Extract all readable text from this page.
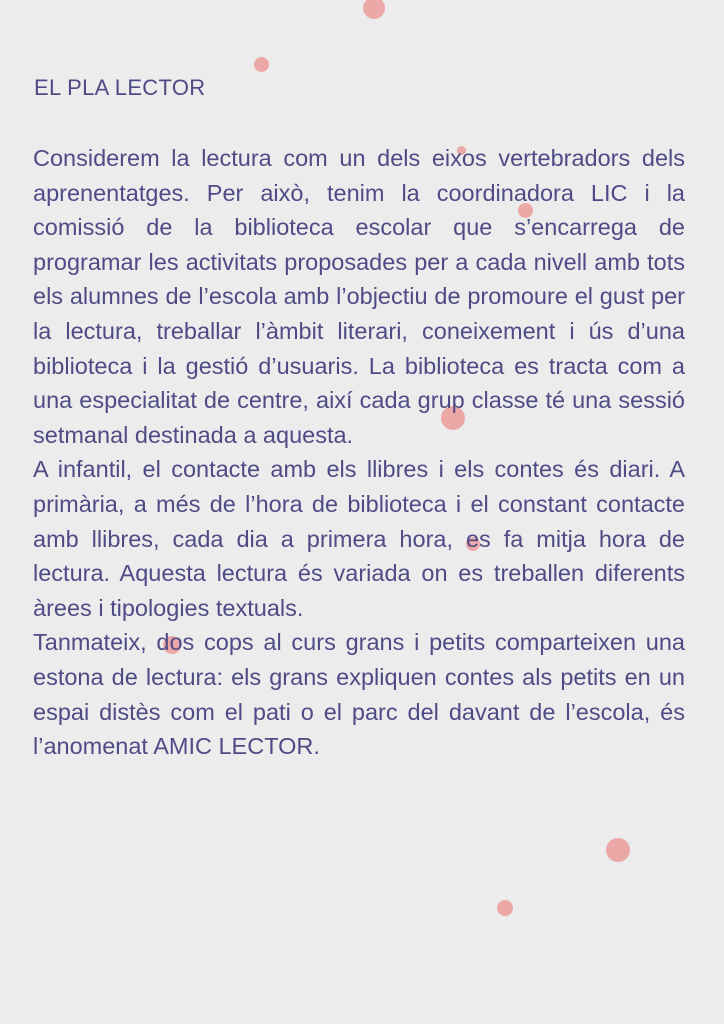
EL PLA LECTOR

Considerem la lectura com un dels eixos vertebradors dels aprenentatges. Per això, tenim la coordinadora LIC i la comissió de la biblioteca escolar que s’encarrega de programar les activitats proposades per a cada nivell amb tots els alumnes de l’escola amb l’objectiu de promoure el gust per la lectura, treballar l’àmbit literari, coneixement i ús d’una biblioteca i la gestió d’usuaris. La biblioteca es tracta com a una especialitat de centre, així cada grup classe té una sessió setmanal destinada a aquesta.

A infantil, el contacte amb els llibres i els contes és diari. A primària, a més de l’hora de biblioteca i el constant contacte amb llibres, cada dia a primera hora, es fa mitja hora de lectura. Aquesta lectura és variada on es treballen diferents àrees i tipologies textuals.

Tanmateix, dos cops al curs grans i petits comparteixen una estona de lectura: els grans expliquen contes als petits en un espai distès com el pati o el parc del davant de l’escola, és l’anomenat AMIC LECTOR.
